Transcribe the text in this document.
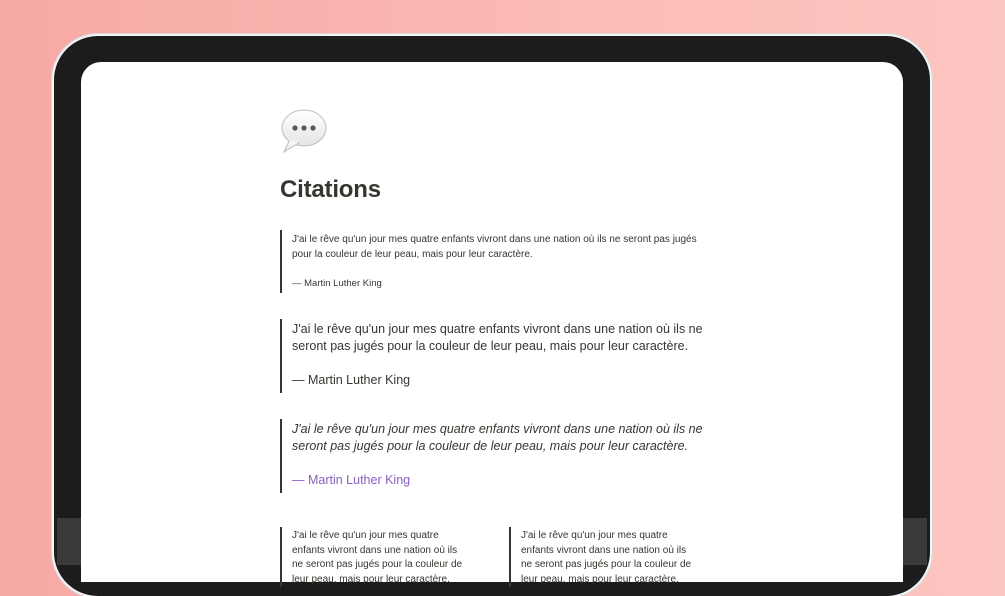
Citations

J'ai le rêve qu'un jour mes quatre enfants vivront dans une nation où ils ne seront pas jugés pour la couleur de leur peau, mais pour leur caractère.

— Martin Luther King

J'ai le rêve qu'un jour mes quatre enfants vivront dans une nation où ils ne seront pas jugés pour la couleur de leur peau, mais pour leur caractère.

— Martin Luther King

J'ai le rêve qu'un jour mes quatre enfants vivront dans une nation où ils ne seront pas jugés pour la couleur de leur peau, mais pour leur caractère.

— Martin Luther King

J'ai le rêve qu'un jour mes quatre enfants vivront dans une nation où ils ne seront pas jugés pour la couleur de leur peau, mais pour leur caractère.

J'ai le rêve qu'un jour mes quatre enfants vivront dans une nation où ils ne seront pas jugés pour la couleur de leur peau, mais pour leur caractère.
